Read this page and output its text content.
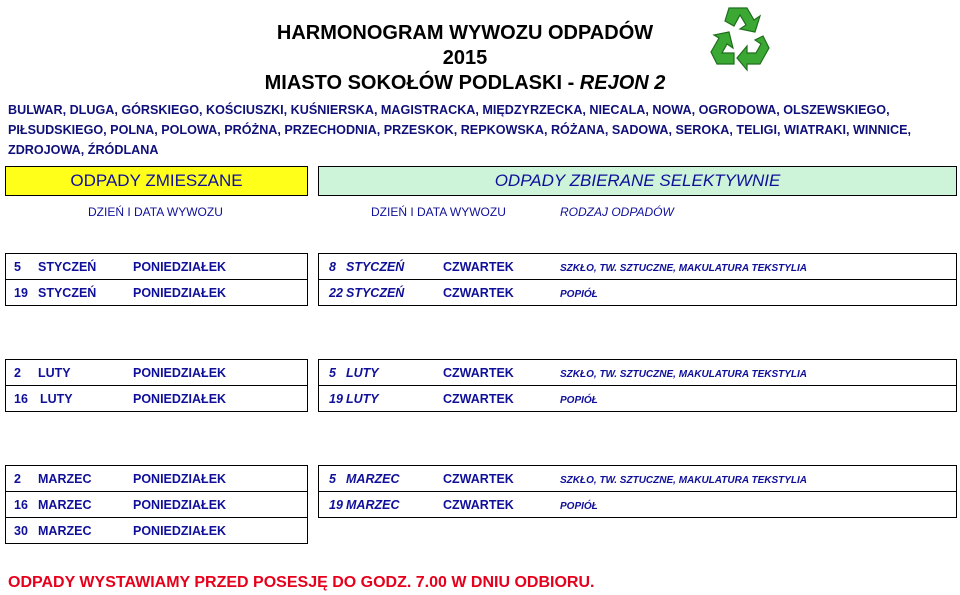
HARMONOGRAM WYWOZU ODPADÓW
2015
MIASTO SOKOŁÓW PODLASKI - REJON 2
BULWAR, DLUGA, GÓRSKIEGO, KOŚCIUSZKI, KUŚNIERSKA, MAGISTRACKA, MIĘDZYRZECKA, NIECALA, NOWA, OGRODOWA, OLSZEWSKIEGO, PIŁSUDSKIEGO, POLNA, POLOWA, PRÓŻNA, PRZECHODNIA, PRZESKOK, REPKOWSKA, RÓŻANA, SADOWA, SEROKA, TELIGI, WIATRAKI, WINNICE, ZDROJOWA, ŹRÓDLANA
ODPADY ZMIESZANE	ODPADY ZBIERANE SELEKTYWNIE
DZIEŃ I DATA WYWOZU	DZIEŃ I DATA WYWOZU	RODZAJ ODPADÓW
5 STYCZEŃ	PONIEDZIAŁEK
19 STYCZEŃ	PONIEDZIAŁEK
8 STYCZEŃ	CZWARTEK	SZKŁO, TW. SZTUCZNE, MAKULATURA TEKSTYLIA
22 STYCZEŃ	CZWARTEK	POPIÓŁ
2 LUTY	PONIEDZIAŁEK
16 LUTY	PONIEDZIAŁEK
5 LUTY	CZWARTEK	SZKŁO, TW. SZTUCZNE, MAKULATURA TEKSTYLIA
19 LUTY	CZWARTEK	POPIÓŁ
2 MARZEC	PONIEDZIAŁEK
16 MARZEC	PONIEDZIAŁEK
30 MARZEC	PONIEDZIAŁEK
5 MARZEC	CZWARTEK	SZKŁO, TW. SZTUCZNE, MAKULATURA TEKSTYLIA
19 MARZEC	CZWARTEK	POPIÓŁ
ODPADY WYSTAWIAMY PRZED POSESJĘ DO GODZ. 7.00 W DNIU ODBIORU.
